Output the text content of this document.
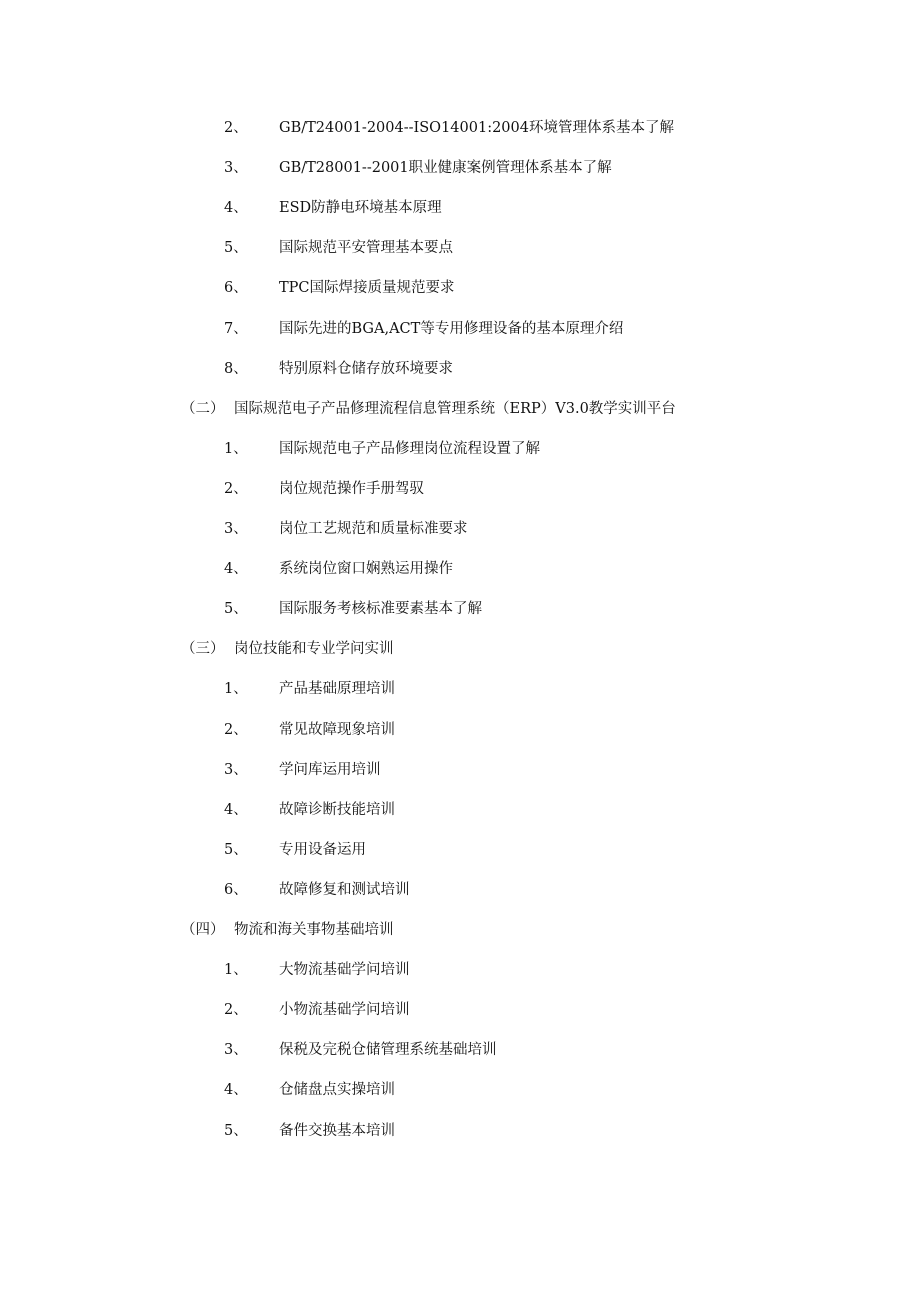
2、 GB/T24001-2004--ISO14001:2004环境管理体系基本了解
3、 GB/T28001--2001职业健康案例管理体系基本了解
4、 ESD防静电环境基本原理
5、 国际规范平安管理基本要点
6、 TPC国际焊接质量规范要求
7、 国际先进的BGA,ACT等专用修理设备的基本原理介绍
8、 特别原料仓储存放环境要求
（二） 国际规范电子产品修理流程信息管理系统（ERP）V3.0教学实训平台
1、 国际规范电子产品修理岗位流程设置了解
2、 岗位规范操作手册驾驭
3、 岗位工艺规范和质量标准要求
4、 系统岗位窗口娴熟运用操作
5、 国际服务考核标准要素基本了解
（三） 岗位技能和专业学问实训
1、 产品基础原理培训
2、 常见故障现象培训
3、 学问库运用培训
4、 故障诊断技能培训
5、 专用设备运用
6、 故障修复和测试培训
（四） 物流和海关事物基础培训
1、 大物流基础学问培训
2、 小物流基础学问培训
3、 保税及完税仓储管理系统基础培训
4、 仓储盘点实操培训
5、 备件交换基本培训
